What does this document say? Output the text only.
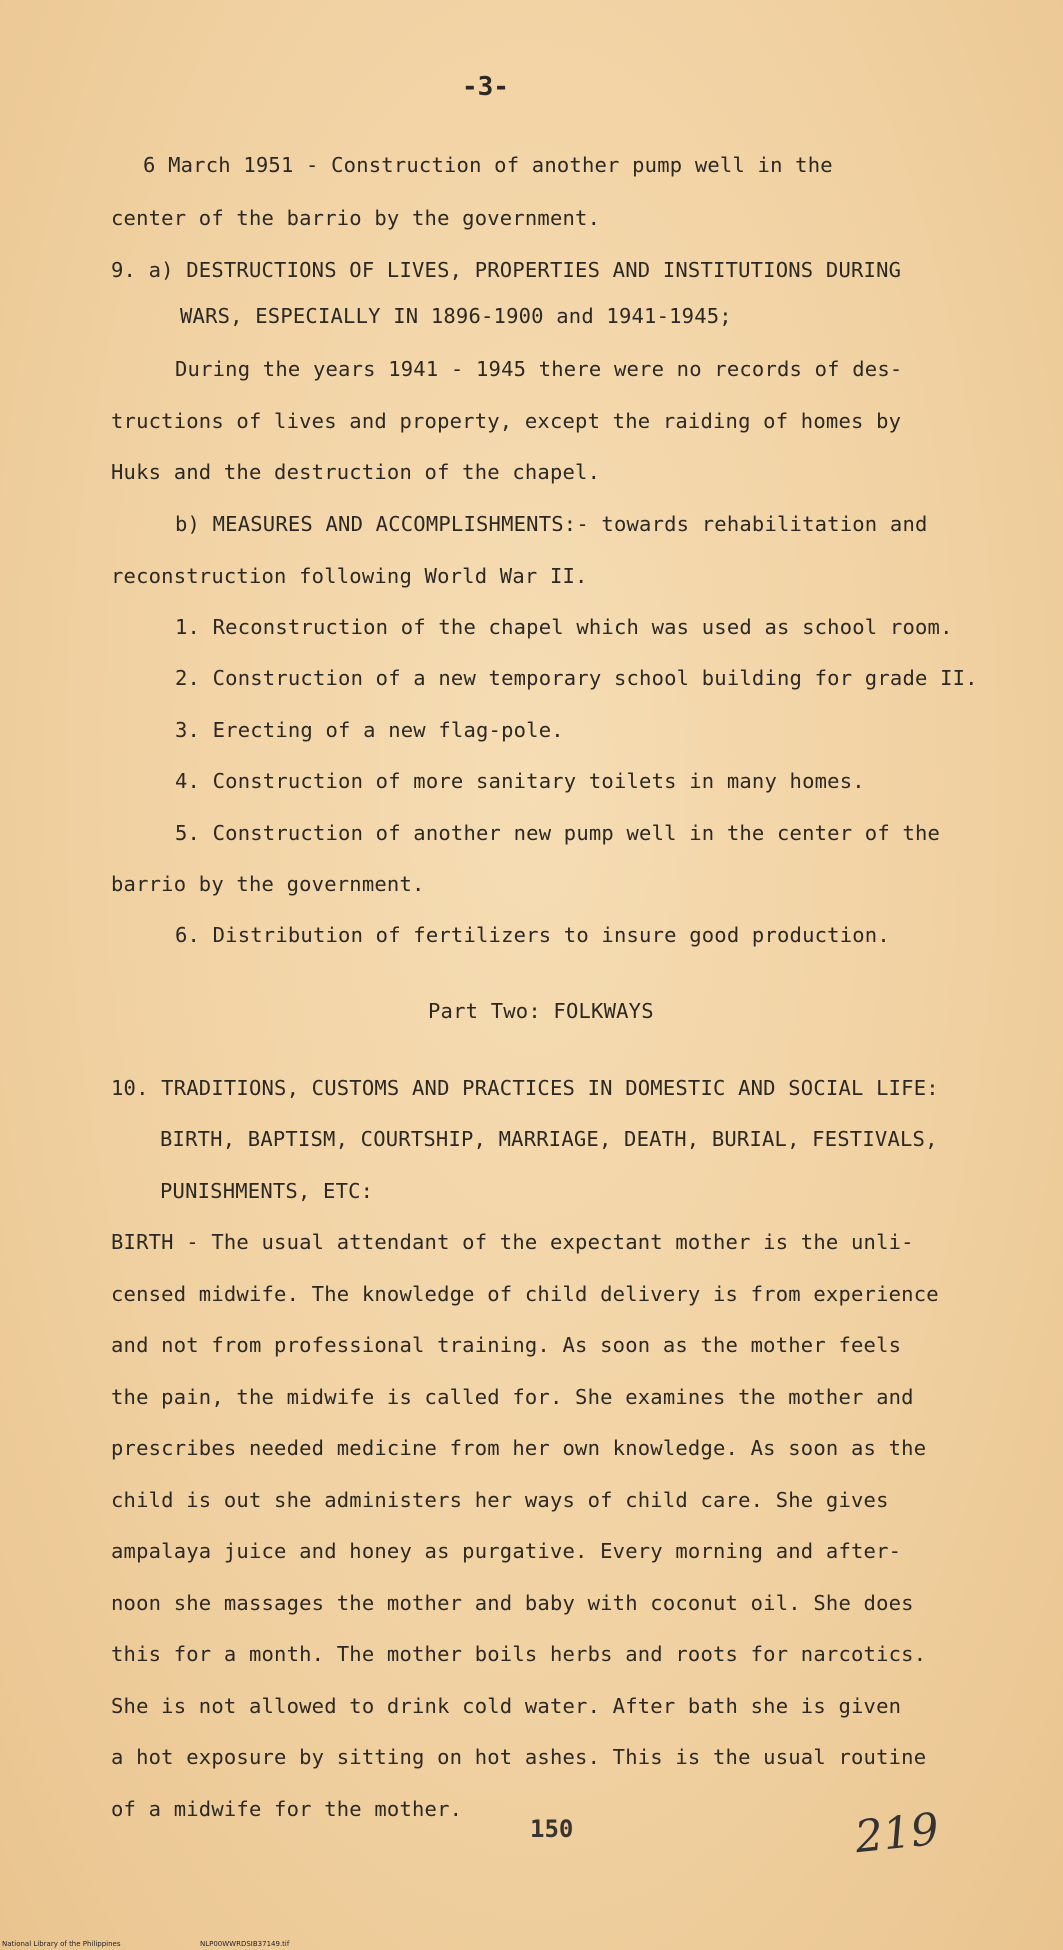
-3-
6 March 1951 - Construction of another pump well in the
center of the barrio by the government.
9. a) DESTRUCTIONS OF LIVES, PROPERTIES AND INSTITUTIONS DURING
WARS, ESPECIALLY IN 1896-1900 and 1941-1945;
During the years 1941 - 1945 there were no records of des-
tructions of lives and property, except the raiding of homes by
Huks and the destruction of the chapel.
b) MEASURES AND ACCOMPLISHMENTS:- towards rehabilitation and
reconstruction following World War II.
1. Reconstruction of the chapel which was used as school room.
2. Construction of a new temporary school building for grade II.
3. Erecting of a new flag-pole.
4. Construction of more sanitary toilets in many homes.
5. Construction of another new pump well in the center of the
barrio by the government.
6. Distribution of fertilizers to insure good production.
Part Two: FOLKWAYS
10. TRADITIONS, CUSTOMS AND PRACTICES IN DOMESTIC AND SOCIAL LIFE:
BIRTH, BAPTISM, COURTSHIP, MARRIAGE, DEATH, BURIAL, FESTIVALS,
PUNISHMENTS, ETC:
BIRTH - The usual attendant of the expectant mother is the unli-
censed midwife. The knowledge of child delivery is from experience
and not from professional training. As soon as the mother feels
the pain, the midwife is called for. She examines the mother and
prescribes needed medicine from her own knowledge. As soon as the
child is out she administers her ways of child care. She gives
ampalaya juice and honey as purgative. Every morning and after-
noon she massages the mother and baby with coconut oil. She does
this for a month. The mother boils herbs and roots for narcotics.
She is not allowed to drink cold water. After bath she is given
a hot exposure by sitting on hot ashes. This is the usual routine
of a midwife for the mother.
150	219
National Library of the Philippines	NLP00WWRDSIB37149.tif
